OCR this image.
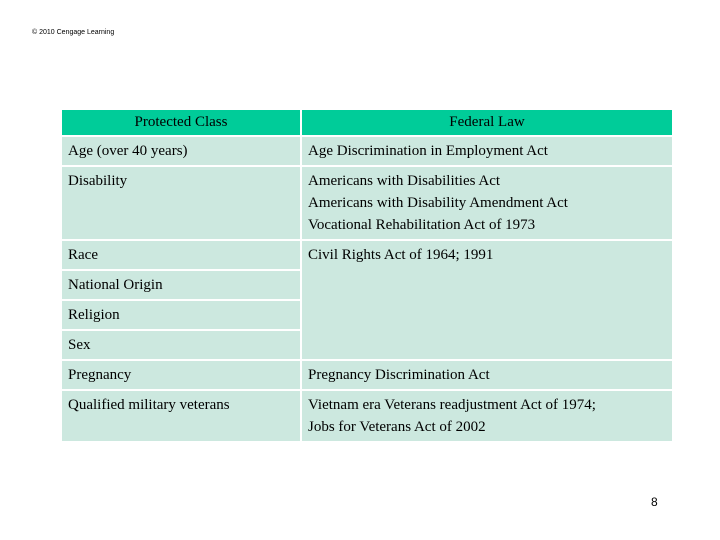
© 2010 Cengage Learning
Protected Class	Federal Law
Age (over 40 years)	Age Discrimination in Employment Act
Disability	Americans with Disabilities Act
Americans with Disability Amendment Act
Vocational Rehabilitation Act of 1973

Race	Civil Rights Act of 1964; 1991
National Origin	
Religion	
Sex	
Pregnancy	Pregnancy Discrimination Act
Qualified military veterans	Vietnam era Veterans readjustment Act of 1974;
Jobs for Veterans Act of 2002
8
